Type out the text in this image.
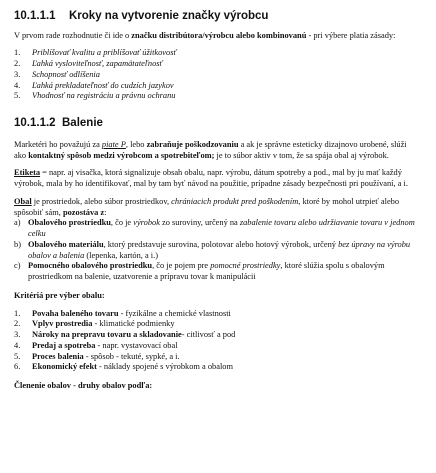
10.1.1.1 Kroky na vytvorenie značky výrobcu

V prvom rade rozhodnutie či ide o značku distribútora/výrobcu alebo kombinovanú - pri výbere platia zásady:

1.	Priblíšovať kvalitu a priblíšovať úžitkovosť
2.	Ľahká vysloviteľnosť, zapamätateľnosť
3.	Schopnosť odlíšenia
4.	Ľahká prekladateľnosť do cudzích jazykov
5.	Vhodnosť na registráciu a právnu ochranu
10.1.1.2 Balenie

Marketéri ho považujú za piate P, lebo zabraňuje poškodzovaniu a ak je správne esteticky dizajnovo urobené, slúži ako kontaktný spôsob medzi výrobcom a spotrebiteľom; je to súbor aktiv v tom, že sa spája obal aj výrobok.

Etiketa = napr. aj visačka, ktorá signalizuje obsah obalu, napr. výrobu, dátum spotreby a pod., mal by ju mať každý výrobok, mala by ho identifikovať, mal by tam byť návod na použitie, prípadne zásady bezpečnosti pri používaní, a i.

Obal je prostriedok, alebo súbor prostriedkov, chrániacich produkt pred poškodením, ktoré by mohol utrpieť alebo spôsobiť sám, pozostáva z:

a) Obalového prostriedku, čo je výrobok zo suroviny, určený na zabalenie tovaru alebo udržiavanie tovaru v jednom celku
b) Obalového materiálu, ktorý predstavuje surovina, polotovar alebo hotový výrobok, určený bez úpravy na výrobu obalov a balenia (lepenka, kartón, a i.)
c) Pomocného obalového prostriedku, čo je pojem pre pomocné prostriedky, ktoré slúžia spolu s obalovým prostriedkom na balenie, uzatvorenie a prípravu tovar k manipulácii

Kritériá pre výber obalu:

1.	Povaha baleného tovaru - fyzikálne a chemické vlastnosti
2.	Vplyv prostredia - klimatické podmienky
3.	Nároky na prepravu tovaru a skladovanie- citlivosť a pod
4.	Predaj a spotreba - napr. vystavovací obal
5.	Proces balenia - spôsob - tekuté, sypké, a i.
6.	Ekonomický efekt - náklady spojené s výrobkom a obalom

Členenie obalov - druhy obalov podľa:
